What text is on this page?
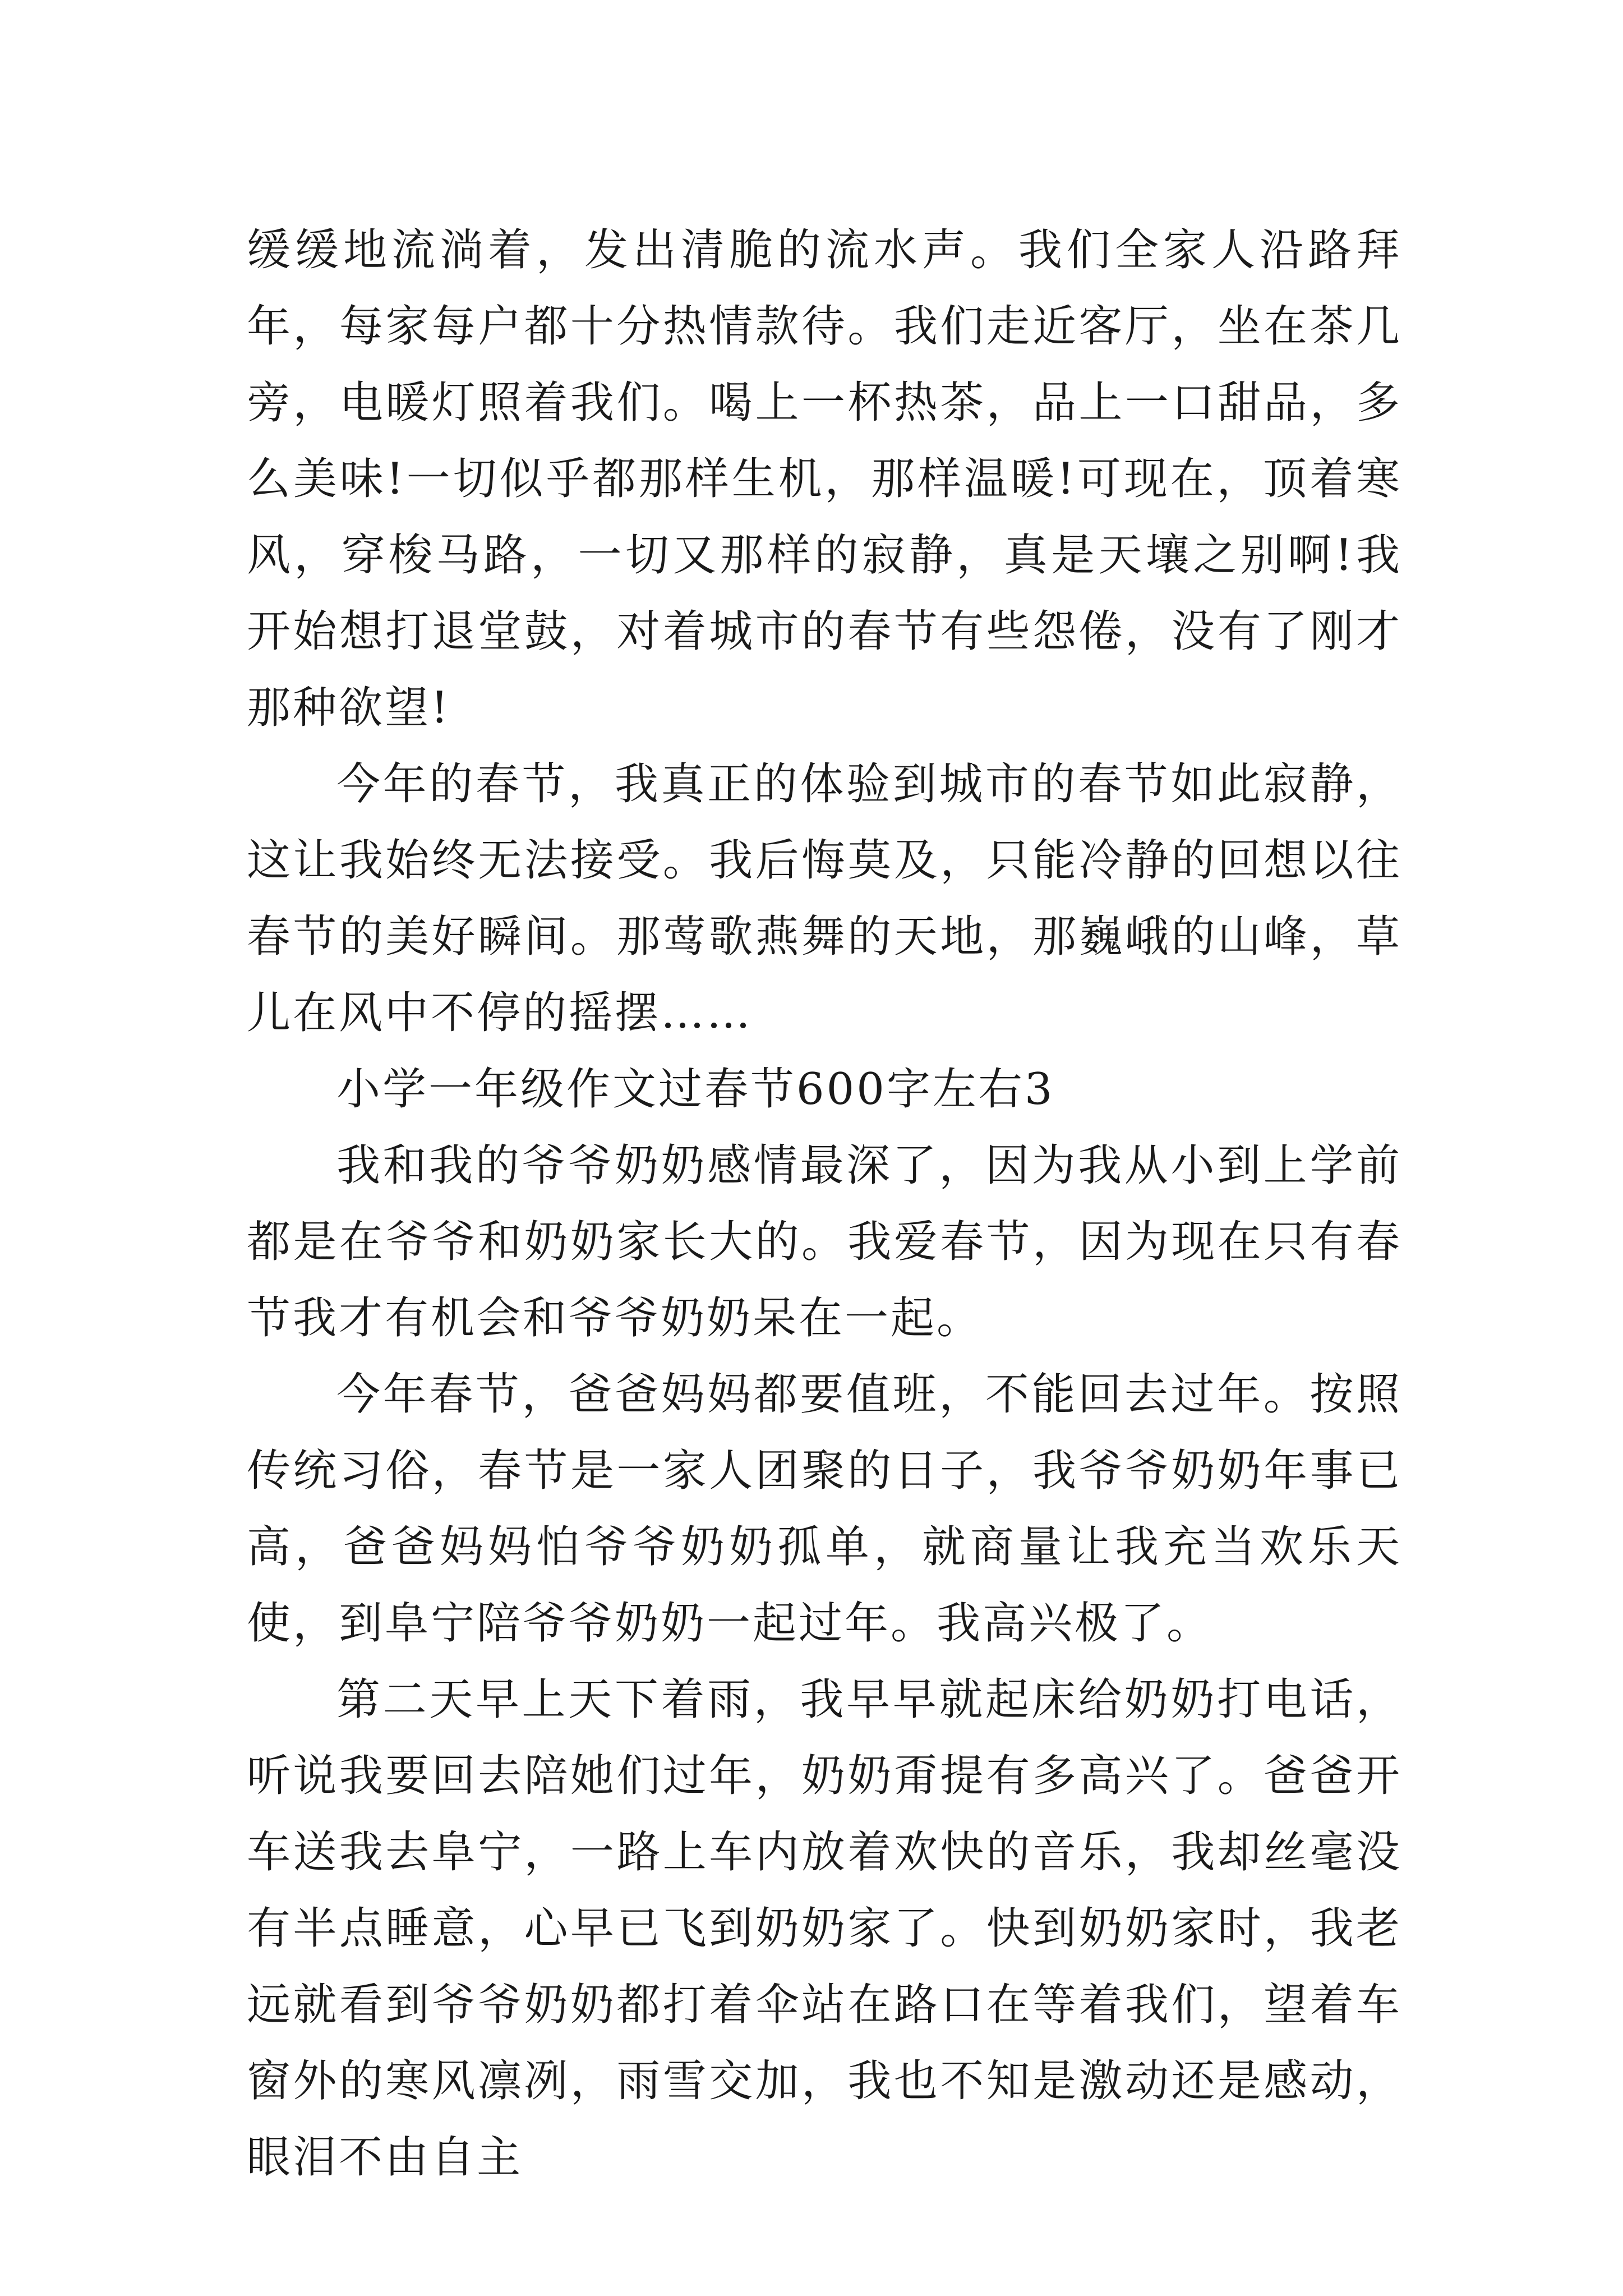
缓缓地流淌着，发出清脆的流水声。我们全家人沿路拜年，每家每户都十分热情款待。我们走近客厅，坐在茶几旁，电暖灯照着我们。喝上一杯热茶，品上一口甜品，多么美味!一切似乎都那样生机，那样温暖!可现在，顶着寒风，穿梭马路，一切又那样的寂静，真是天壤之别啊!我开始想打退堂鼓，对着城市的春节有些怨倦，没有了刚才那种欲望!

今年的春节，我真正的体验到城市的春节如此寂静，这让我始终无法接受。我后悔莫及，只能冷静的回想以往春节的美好瞬间。那莺歌燕舞的天地，那巍峨的山峰，草儿在风中不停的摇摆……

小学一年级作文过春节600字左右3

我和我的爷爷奶奶感情最深了，因为我从小到上学前都是在爷爷和奶奶家长大的。我爱春节，因为现在只有春节我才有机会和爷爷奶奶呆在一起。

今年春节，爸爸妈妈都要值班，不能回去过年。按照传统习俗，春节是一家人团聚的日子，我爷爷奶奶年事已高，爸爸妈妈怕爷爷奶奶孤单，就商量让我充当欢乐天使，到阜宁陪爷爷奶奶一起过年。我高兴极了。

第二天早上天下着雨，我早早就起床给奶奶打电话，听说我要回去陪她们过年，奶奶甭提有多高兴了。爸爸开车送我去阜宁，一路上车内放着欢快的音乐，我却丝毫没有半点睡意，心早已飞到奶奶家了。快到奶奶家时，我老远就看到爷爷奶奶都打着伞站在路口在等着我们，望着车窗外的寒风凛冽，雨雪交加，我也不知是激动还是感动，眼泪不由自主
